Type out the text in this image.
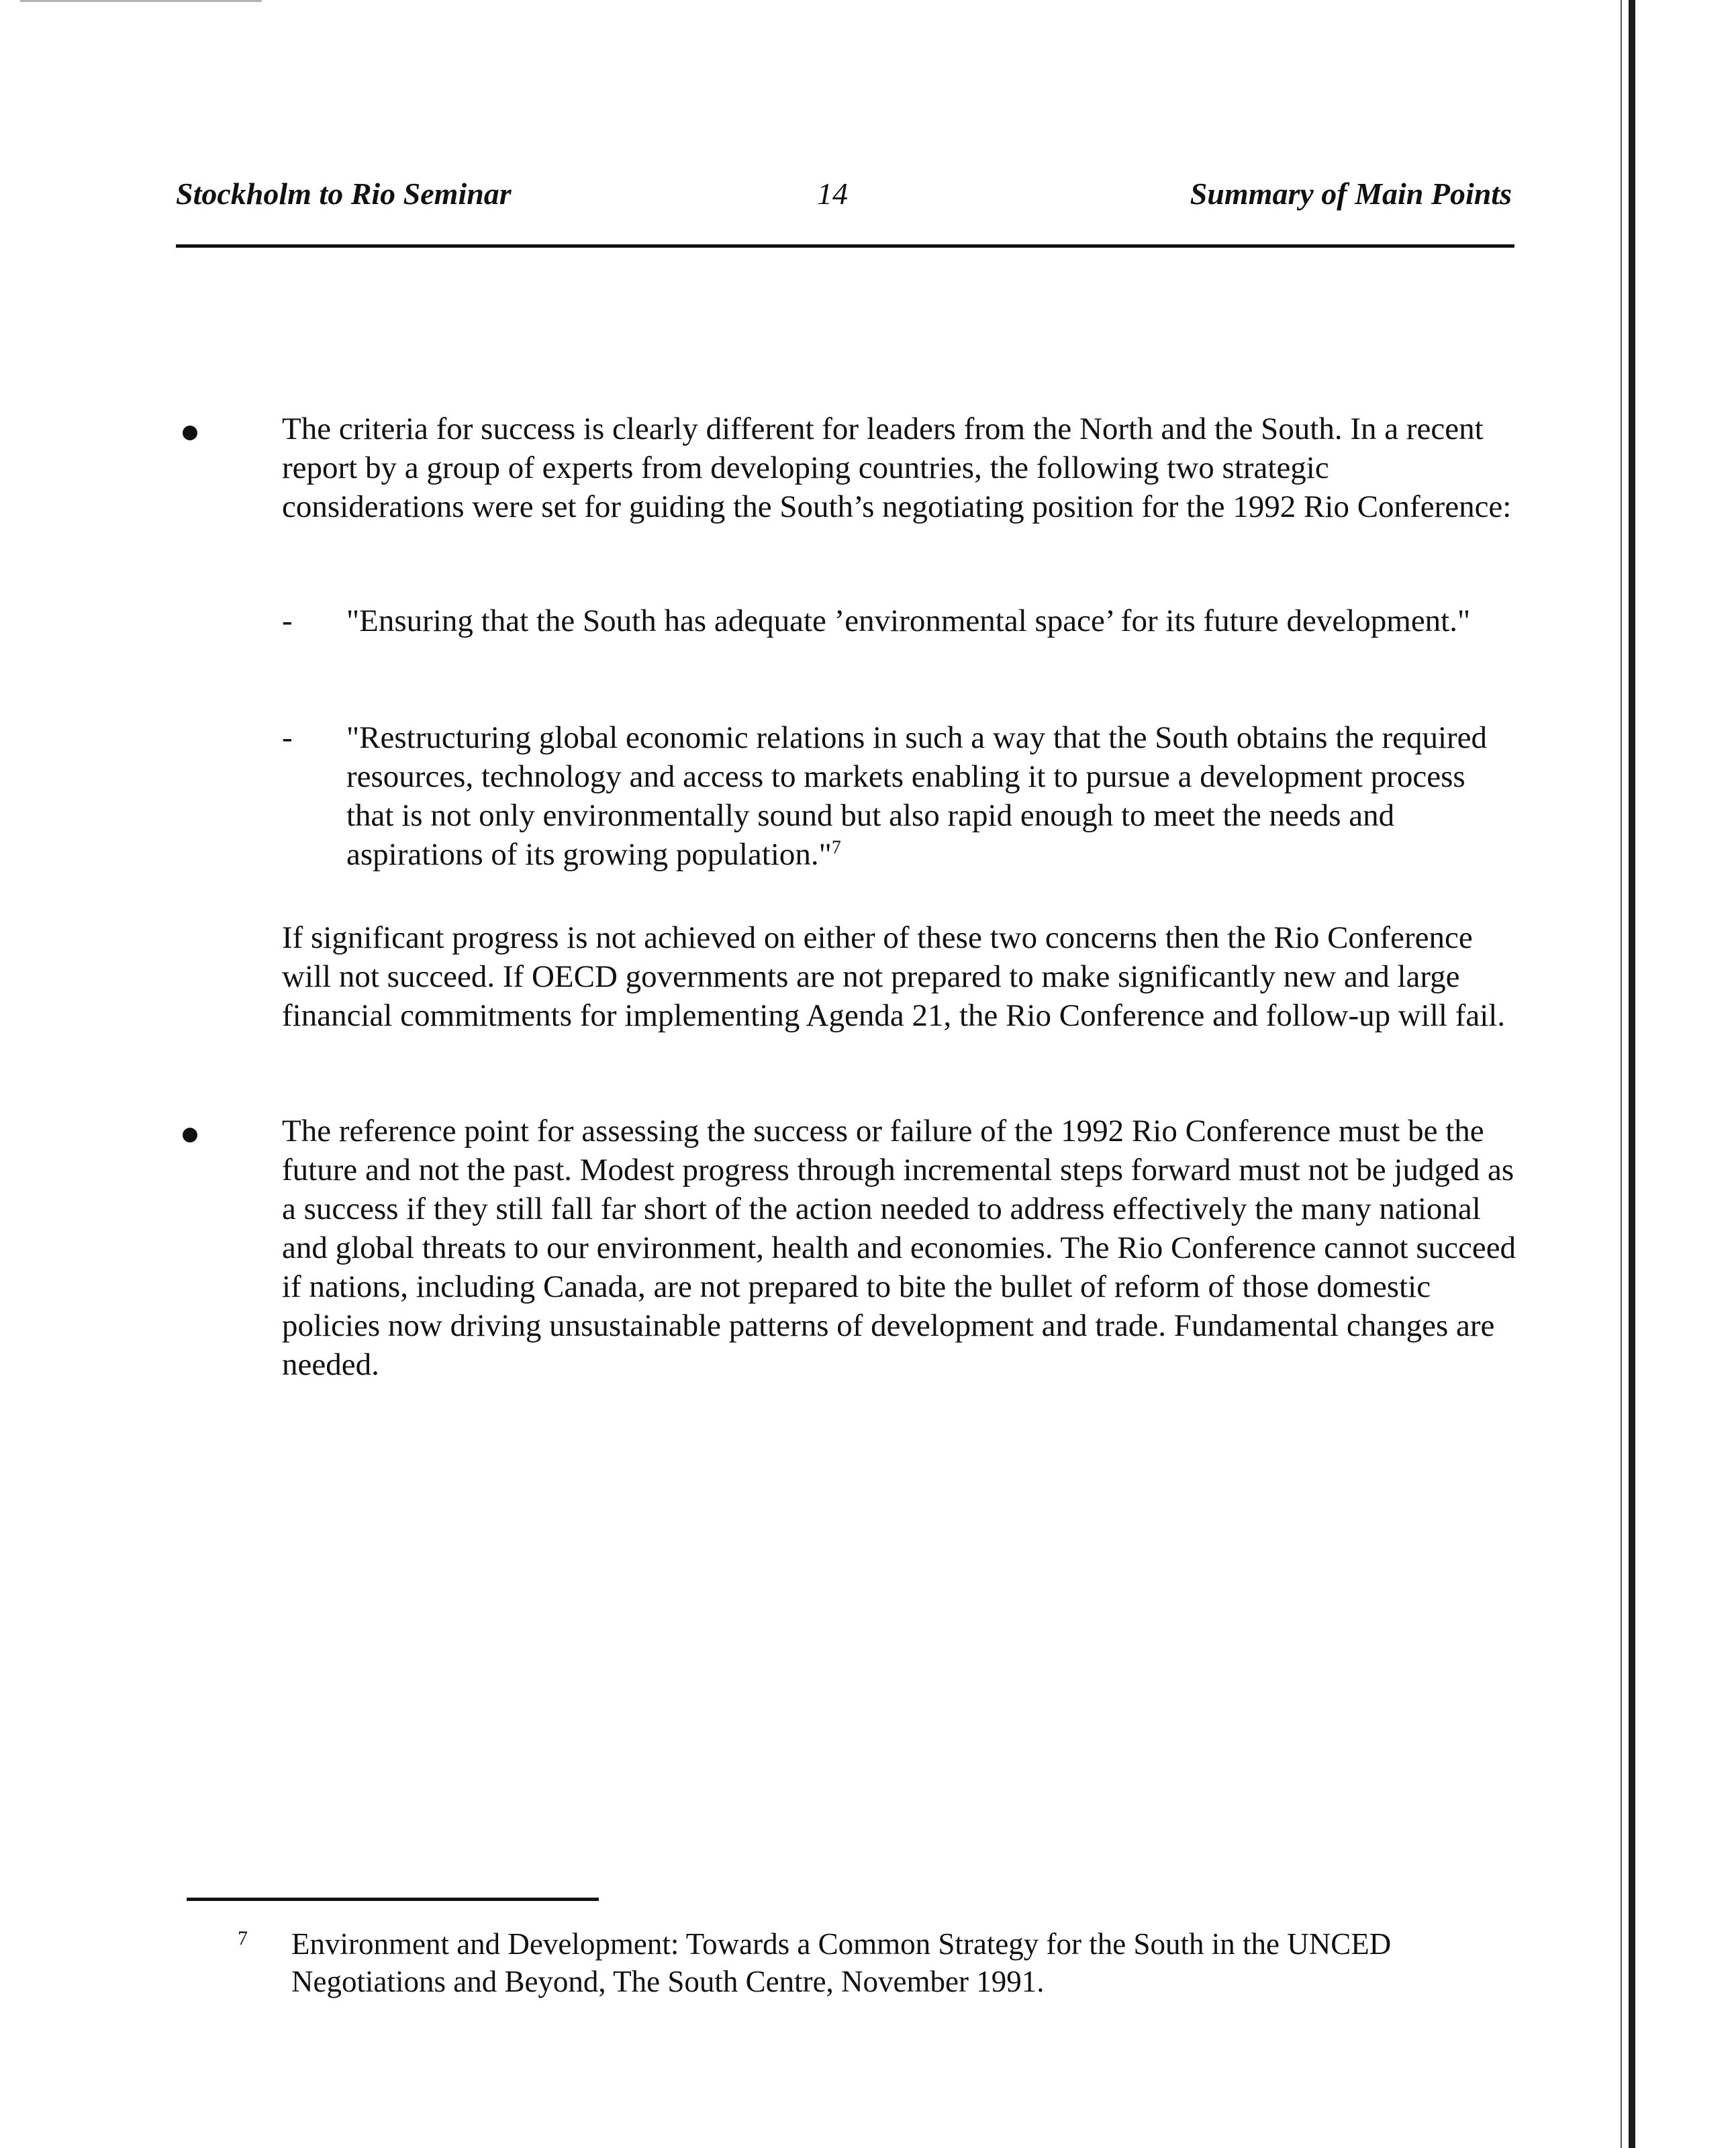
Stockholm to Rio Seminar	14	Summary of Main Points
The criteria for success is clearly different for leaders from the North and the South. In a recent report by a group of experts from developing countries, the following two strategic considerations were set for guiding the South’s negotiating position for the 1992 Rio Conference:
- "Ensuring that the South has adequate ’environmental space’ for its future development."
- "Restructuring global economic relations in such a way that the South obtains the required resources, technology and access to markets enabling it to pursue a development process that is not only environmentally sound but also rapid enough to meet the needs and aspirations of its growing population."$^7$
If significant progress is not achieved on either of these two concerns then the Rio Conference will not succeed. If OECD governments are not prepared to make significantly new and large financial commitments for implementing Agenda 21, the Rio Conference and follow-up will fail.
The reference point for assessing the success or failure of the 1992 Rio Conference must be the future and not the past. Modest progress through incremental steps forward must not be judged as a success if they still fall far short of the action needed to address effectively the many national and global threats to our environment, health and economies. The Rio Conference cannot succeed if nations, including Canada, are not prepared to bite the bullet of reform of those domestic policies now driving unsustainable patterns of development and trade. Fundamental changes are needed.
7 Environment and Development: Towards a Common Strategy for the South in the UNCED Negotiations and Beyond, The South Centre, November 1991.
